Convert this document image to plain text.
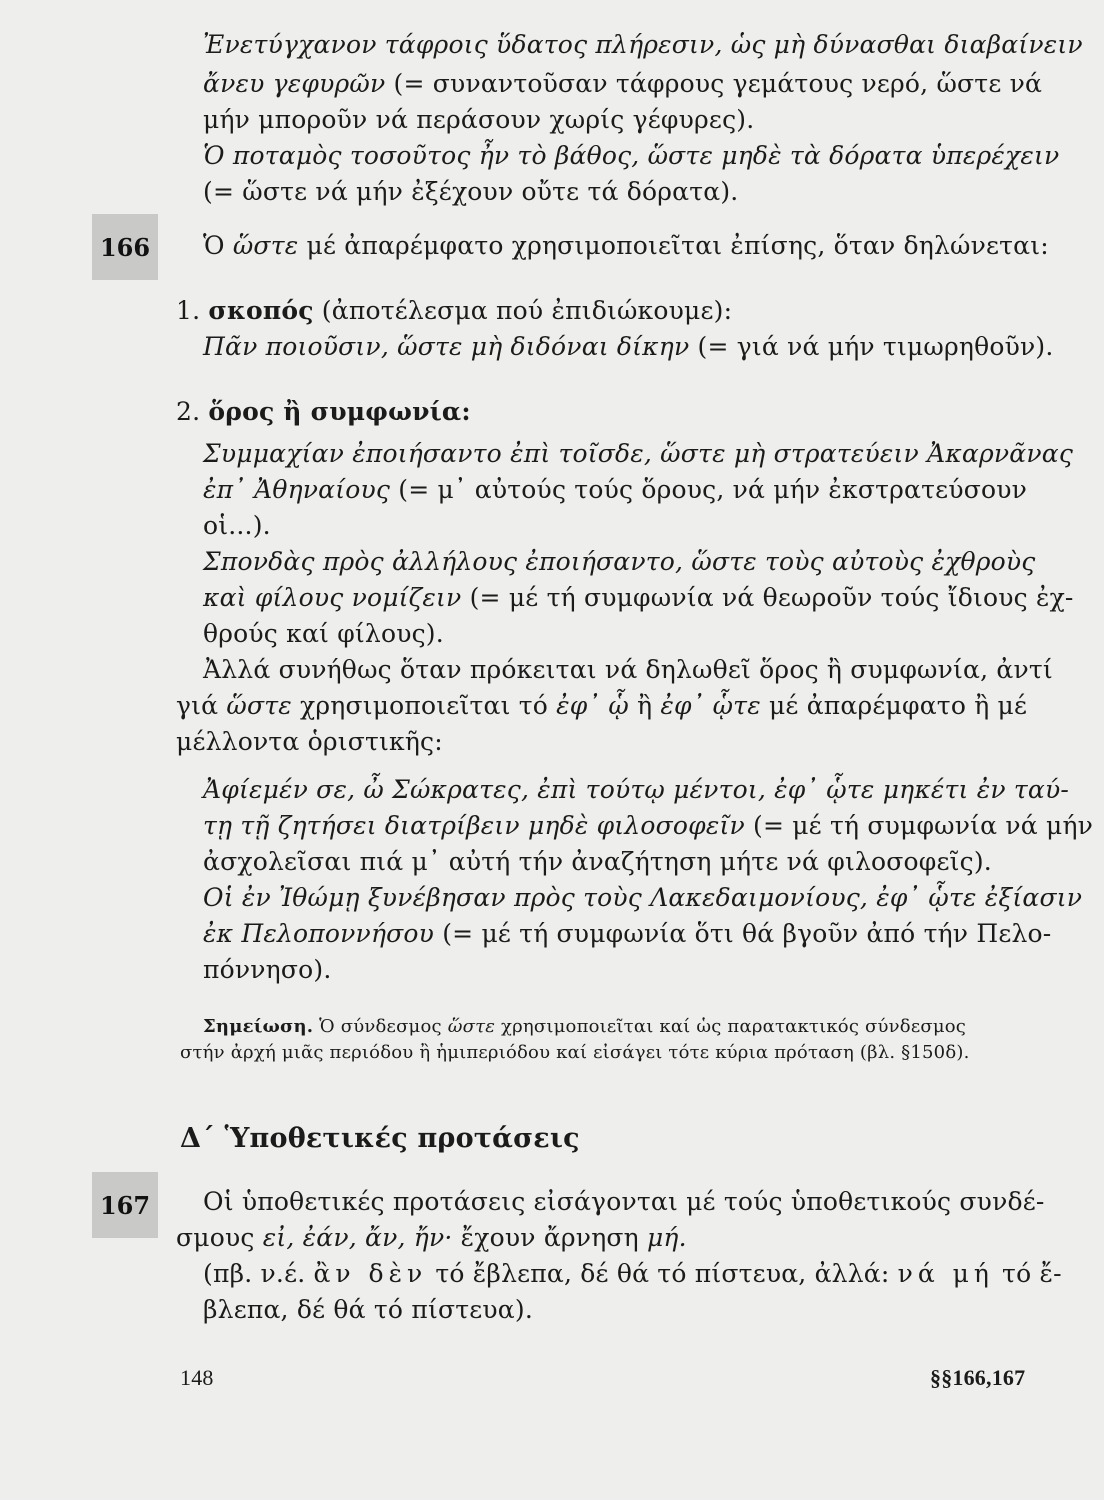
Ἐνετύγχανον τάφροις ὕδατος πλήρεσιν, ὡς μὴ δύνασθαι διαβαίνειν
ἄνευ γεφυρῶν (= συναντοῦσαν τάφρους γεμάτους νερό, ὥστε νά
μήν μποροῦν νά περάσουν χωρίς γέφυρες).
Ὁ ποταμὸς τοσοῦτος ἦν τὸ βάθος, ὥστε μηδὲ τὰ δόρατα ὑπερέχειν
(= ὥστε νά μήν ἐξέχουν οὔτε τά δόρατα).
166	Ὁ ὥστε μέ ἀπαρέμφατο χρησιμοποιεῖται ἐπίσης, ὅταν δηλώνεται:
1. σκοπός (ἀποτέλεσμα πού ἐπιδιώκουμε):
Πᾶν ποιοῦσιν, ὥστε μὴ διδόναι δίκην (= γιά νά μήν τιμωρηθοῦν).
2. ὅρος ἢ συμφωνία:
Συμμαχίαν ἐποιήσαντο ἐπὶ τοῖσδε, ὥστε μὴ στρατεύειν Ἀκαρνᾶνας
ἐπ᾿ Ἀθηναίους (= μ᾿ αὐτούς τούς ὅρους, νά μήν ἐκστρατεύσουν
οἱ...).
Σπονδὰς πρὸς ἀλλήλους ἐποιήσαντο, ὥστε τοὺς αὐτοὺς ἐχθροὺς
καὶ φίλους νομίζειν (= μέ τή συμφωνία νά θεωροῦν τούς ἴδιους ἐχ-
θρούς καί φίλους).
Ἀλλά συνήθως ὅταν πρόκειται νά δηλωθεῖ ὅρος ἢ συμφωνία, ἀντί
γιά ὥστε χρησιμοποιεῖται τό ἐφ᾿ ᾧ ἢ ἐφ᾿ ᾧτε μέ ἀπαρέμφατο ἢ μέ
μέλλοντα ὁριστικῆς:
Ἀφίεμέν σε, ὦ Σώκρατες, ἐπὶ τούτῳ μέντοι, ἐφ᾿ ᾧτε μηκέτι ἐν ταύ-
τῃ τῇ ζητήσει διατρίβειν μηδὲ φιλοσοφεῖν (= μέ τή συμφωνία νά μήν
ἀσχολεῖσαι πιά μ᾿ αὐτή τήν ἀναζήτηση μήτε νά φιλοσοφεῖς).
Οἱ ἐν Ἰθώμῃ ξυνέβησαν πρὸς τοὺς Λακεδαιμονίους, ἐφ᾿ ᾧτε ἐξίασιν
ἐκ Πελοποννήσου (= μέ τή συμφωνία ὅτι θά βγοῦν ἀπό τήν Πελο-
πόννησο).
Σημείωση. Ὁ σύνδεσμος ὥστε χρησιμοποιεῖται καί ὡς παρατακτικός σύνδεσμος
στήν ἀρχή μιᾶς περιόδου ἢ ἡμιπεριόδου καί εἰσάγει τότε κύρια πρόταση (βλ. §150δ).
Δ΄ Ὑποθετικές προτάσεις
167	Οἱ ὑποθετικές προτάσεις εἰσάγονται μέ τούς ὑποθετικούς συνδέ-
σμους εἰ, ἐάν, ἄν, ἤν· ἔχουν ἄρνηση μή.
(πβ. ν.έ. ἂν δὲν τό ἔβλεπα, δέ θά τό πίστευα, ἀλλά: νά μή τό ἔ-
βλεπα, δέ θά τό πίστευα).
148	§§166,167
